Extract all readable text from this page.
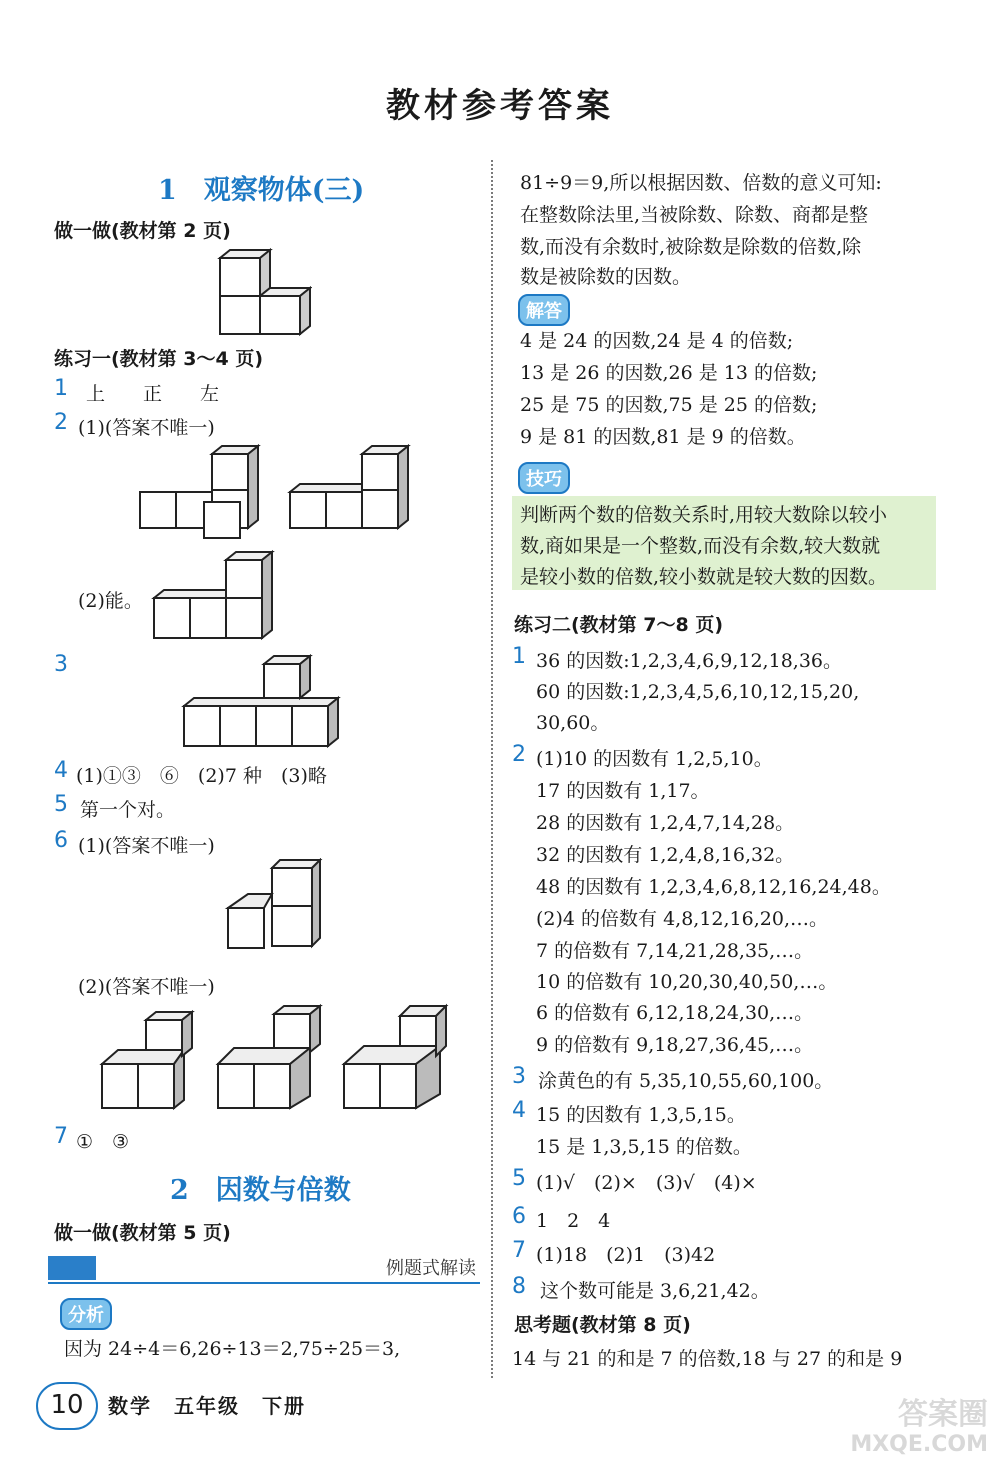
教材参考答案
1　观察物体(三)
做一做(教材第 2 页)
练习一(教材第 3～4 页)
1 上　　正　　左
2 (1)(答案不唯一)
(2)能。
3
4 (1)①③　⑥　(2)7 种　(3)略
5 第一个对。
6 (1)(答案不唯一)
(2)(答案不唯一)
7 ①　③
2　因数与倍数
做一做(教材第 5 页)
例题式解读
分析
因为 24÷4＝6,26÷13＝2,75÷25＝3,
81÷9＝9,所以根据因数、倍数的意义可知:
在整数除法里,当被除数、除数、商都是整
数,而没有余数时,被除数是除数的倍数,除
数是被除数的因数。
解答
4 是 24 的因数,24 是 4 的倍数;
13 是 26 的因数,26 是 13 的倍数;
25 是 75 的因数,75 是 25 的倍数;
9 是 81 的因数,81 是 9 的倍数。
技巧
判断两个数的倍数关系时,用较大数除以较小
数,商如果是一个整数,而没有余数,较大数就
是较小数的倍数,较小数就是较大数的因数。
练习二(教材第 7～8 页)
1 36 的因数:1,2,3,4,6,9,12,18,36。
60 的因数:1,2,3,4,5,6,10,12,15,20,
30,60。
2 (1)10 的因数有 1,2,5,10。
17 的因数有 1,17。
28 的因数有 1,2,4,7,14,28。
32 的因数有 1,2,4,8,16,32。
48 的因数有 1,2,3,4,6,8,12,16,24,48。
(2)4 的倍数有 4,8,12,16,20,…。
7 的倍数有 7,14,21,28,35,…。
10 的倍数有 10,20,30,40,50,…。
6 的倍数有 6,12,18,24,30,…。
9 的倍数有 9,18,27,36,45,…。
3 涂黄色的有 5,35,10,55,60,100。
4 15 的因数有 1,3,5,15。
15 是 1,3,5,15 的倍数。
5 (1)√　(2)×　(3)√　(4)×
6 1　2　4
7 (1)18　(2)1　(3)42
8 这个数可能是 3,6,21,42。
思考题(教材第 8 页)
14 与 21 的和是 7 的倍数,18 与 27 的和是 9
10	数学　五年级　下册	答案圈
MXQE.COM
